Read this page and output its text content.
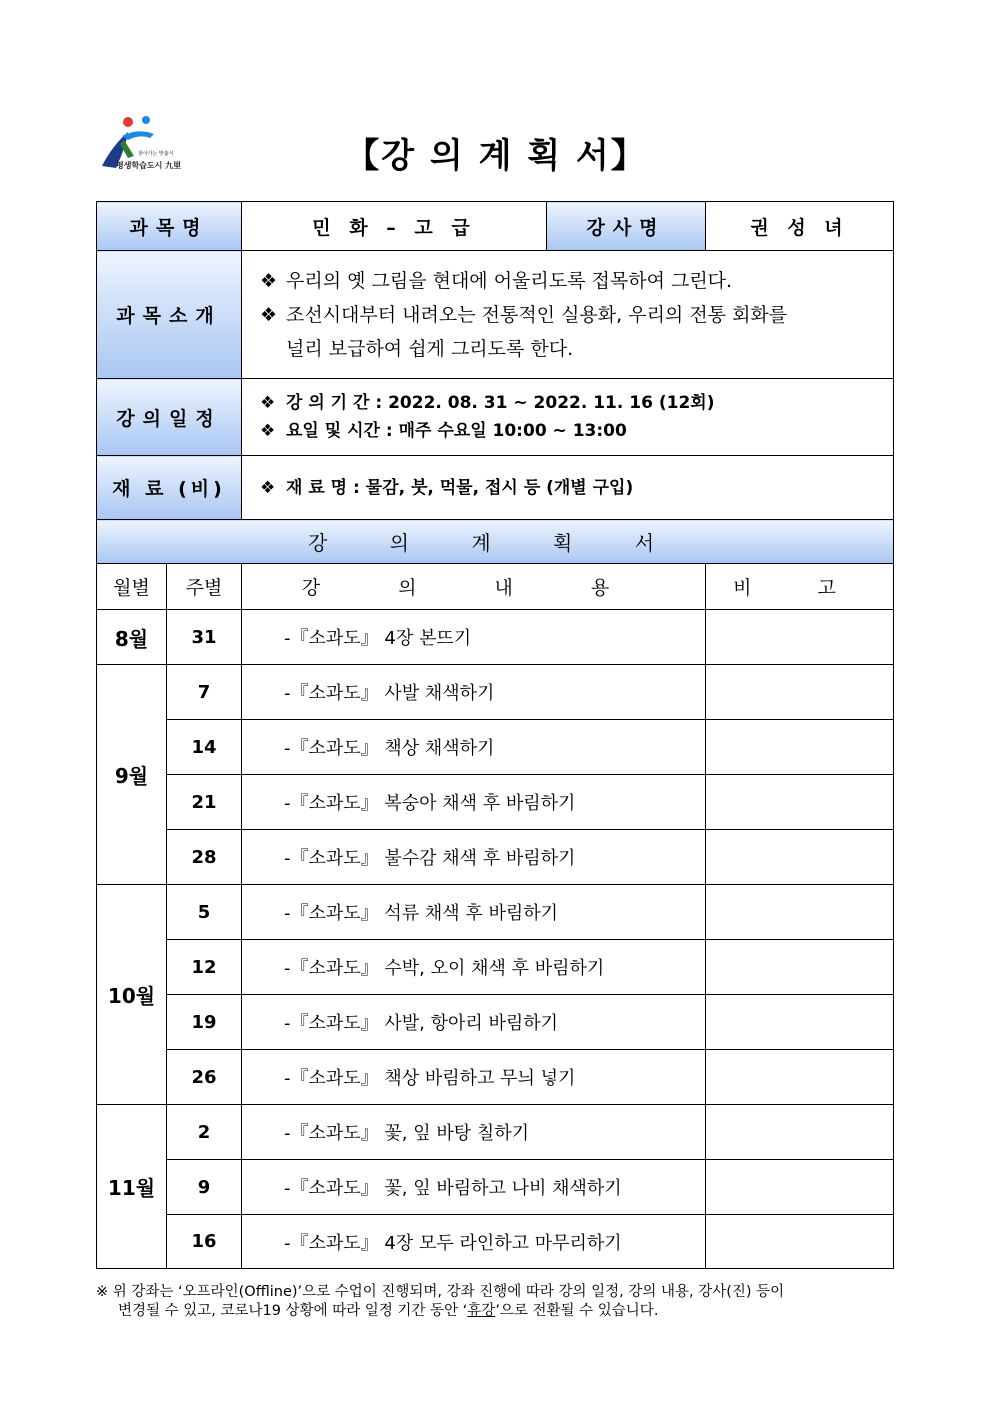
찾아가는 맞춤식
평생학습도시 九里	【강 의 계 획 서】
과목명		민 화 – 고 급	강사명	권 성 녀
과목소개		❖ 우리의 옛 그림을 현대에 어울리도록 접목하여 그린다.
❖ 조선시대부터 내려오는 전통적인 실용화, 우리의 전통 회화를
널리 보급하여 쉽게 그리도록 한다.		

강의일정		❖ 강 의 기 간 : 2022. 08. 31 ~ 2022. 11. 16 (12회)
❖ 요일 및 시간 : 매주 수요일 10:00 ~ 13:00		

재 료 (비)		❖ 재 료 명 : 물감, 붓, 먹물, 접시 등 (개별 구입)		
강 의 계 획 서				
월별	주별	강 의 내 용		비 고
8월	31	-『소과도』 4장 본뜨기		
9월	7	-『소과도』 사발 채색하기		
	14	-『소과도』 책상 채색하기		
	21	-『소과도』 복숭아 채색 후 바림하기		
	28	-『소과도』 불수감 채색 후 바림하기		
10월	5	-『소과도』 석류 채색 후 바림하기		
	12	-『소과도』 수박, 오이 채색 후 바림하기		
	19	-『소과도』 사발, 항아리 바림하기		
	26	-『소과도』 책상 바림하고 무늬 넣기		
11월	2	-『소과도』 꽃, 잎 바탕 칠하기		
	9	-『소과도』 꽃, 잎 바림하고 나비 채색하기		
	16	-『소과도』 4장 모두 라인하고 마무리하기		
※ 위 강좌는 ‘오프라인(Offline)’으로 수업이 진행되며, 강좌 진행에 따라 강의 일정, 강의 내용, 강사(진) 등이
변경될 수 있고, 코로나19 상황에 따라 일정 기간 동안 ‘휴강’으로 전환될 수 있습니다.
